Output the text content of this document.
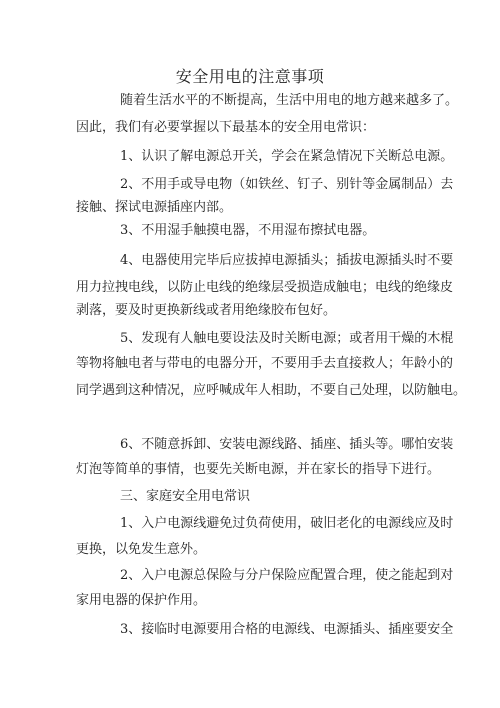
安全用电的注意事项
随着生活水平的不断提高，生活中用电的地方越来越多了。
因此，我们有必要掌握以下最基本的安全用电常识：
1、认识了解电源总开关，学会在紧急情况下关断总电源。
2、不用手或导电物（如铁丝、钉子、别针等金属制品）去
接触、探试电源插座内部。
3、不用湿手触摸电器，不用湿布擦拭电器。
4、电器使用完毕后应拔掉电源插头；插拔电源插头时不要
用力拉拽电线，以防止电线的绝缘层受损造成触电；电线的绝缘皮
剥落，要及时更换新线或者用绝缘胶布包好。
5、发现有人触电要设法及时关断电源；或者用干燥的木棍
等物将触电者与带电的电器分开，不要用手去直接救人；年龄小的
同学遇到这种情况，应呼喊成年人相助，不要自己处理，以防触电。
6、不随意拆卸、安装电源线路、插座、插头等。哪怕安装
灯泡等简单的事情，也要先关断电源，并在家长的指导下进行。
三、家庭安全用电常识
1、入户电源线避免过负荷使用，破旧老化的电源线应及时
更换，以免发生意外。
2、入户电源总保险与分户保险应配置合理，使之能起到对
家用电器的保护作用。
3、接临时电源要用合格的电源线、电源插头、插座要安全
